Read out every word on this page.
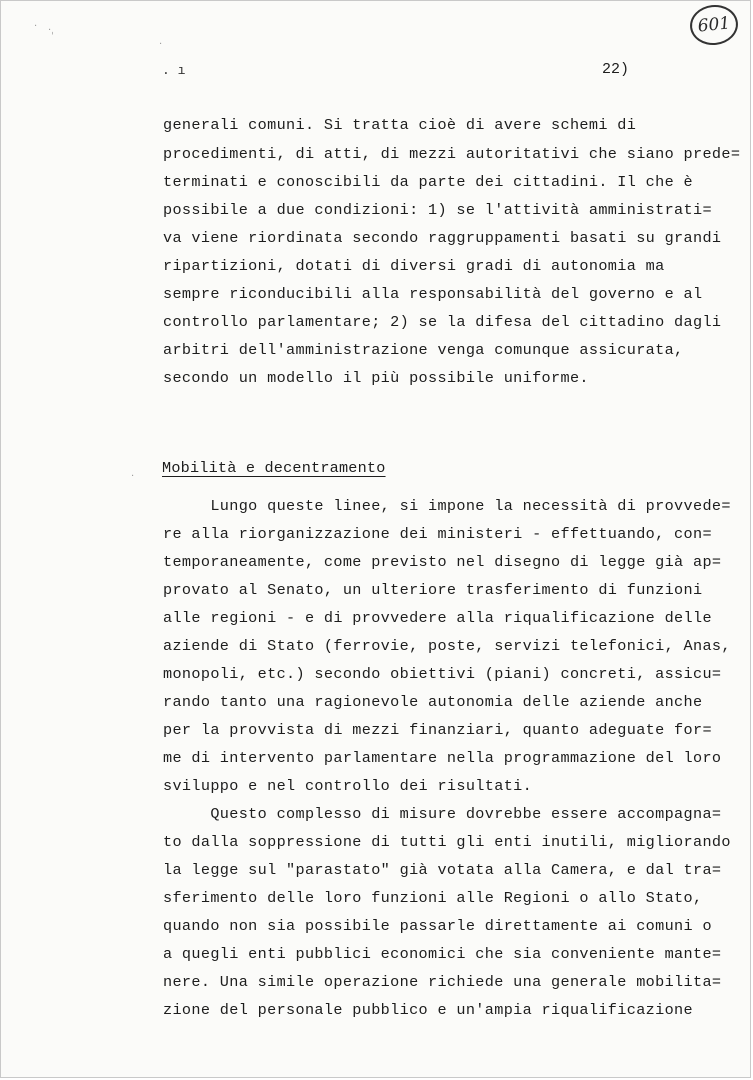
· ·ˌ
·
·
601
. ı	22)
generali comuni. Si tratta cioè di avere schemi di
procedimenti, di atti, di mezzi autoritativi che siano prede=
terminati e conoscibili da parte dei cittadini. Il che è
possibile a due condizioni: 1) se l'attività amministrati=
va viene riordinata secondo raggruppamenti basati su grandi
ripartizioni, dotati di diversi gradi di autonomia ma
sempre riconducibili alla responsabilità del governo e al
controllo parlamentare; 2) se la difesa del cittadino dagli
arbitri dell'amministrazione venga comunque assicurata,
secondo un modello il più possibile uniforme.
Mobilità e decentramento
Lungo queste linee, si impone la necessità di provvede=
re alla riorganizzazione dei ministeri - effettuando, con=
temporaneamente, come previsto nel disegno di legge già ap=
provato al Senato, un ulteriore trasferimento di funzioni
alle regioni - e di provvedere alla riqualificazione delle
aziende di Stato (ferrovie, poste, servizi telefonici, Anas,
monopoli, etc.) secondo obiettivi (piani) concreti, assicu=
rando tanto una ragionevole autonomia delle aziende anche
per la provvista di mezzi finanziari, quanto adeguate for=
me di intervento parlamentare nella programmazione del loro
sviluppo e nel controllo dei risultati.
Questo complesso di misure dovrebbe essere accompagna=
to dalla soppressione di tutti gli enti inutili, migliorando
la legge sul "parastato" già votata alla Camera, e dal tra=
sferimento delle loro funzioni alle Regioni o allo Stato,
quando non sia possibile passarle direttamente ai comuni o
a quegli enti pubblici economici che sia conveniente mante=
nere. Una simile operazione richiede una generale mobilita=
zione del personale pubblico e un'ampia riqualificazione
